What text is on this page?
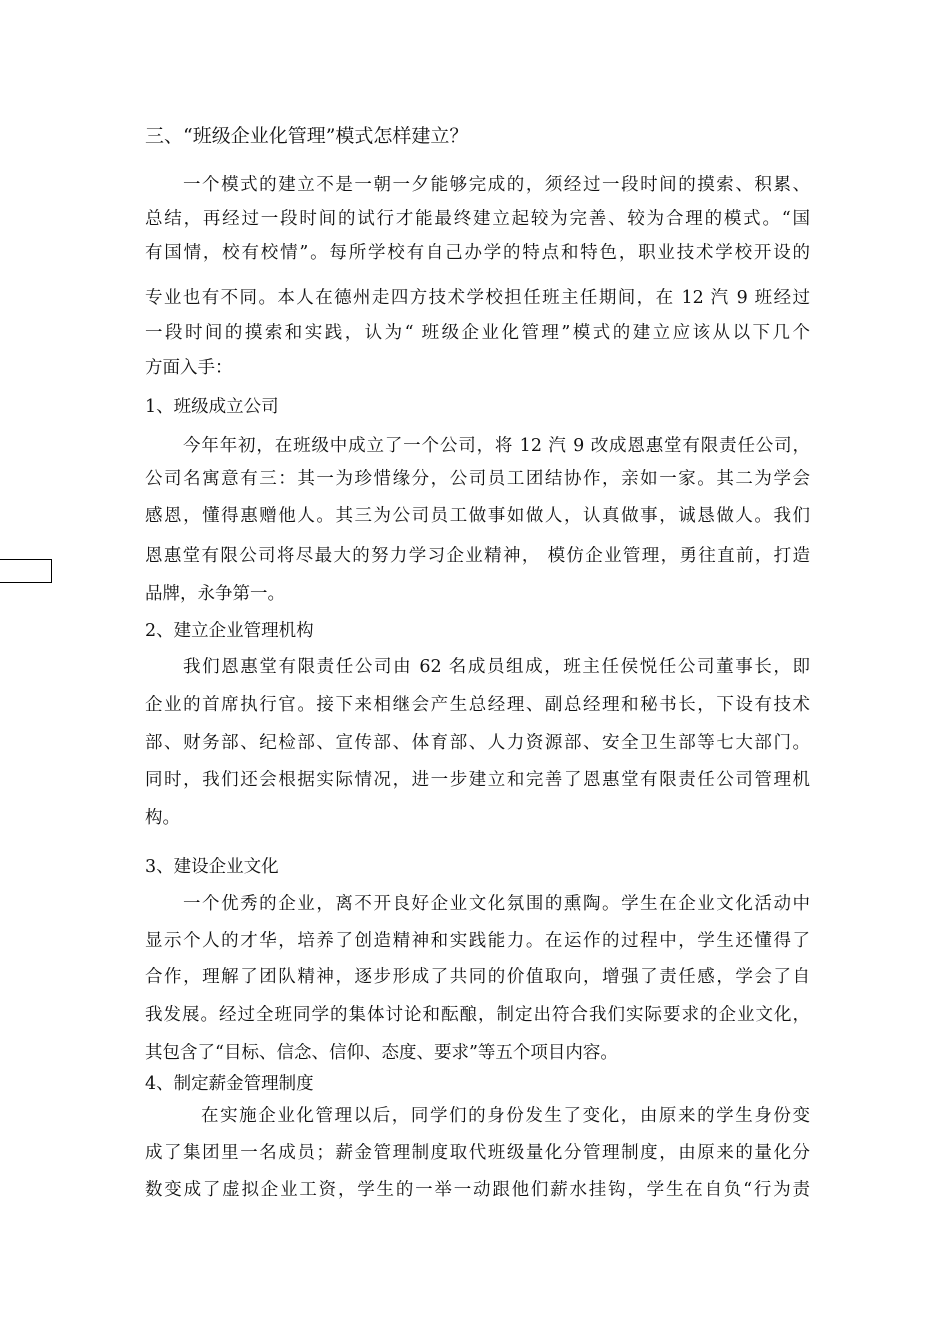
三、“班级企业化管理”模式怎样建立？
一个模式的建立不是一朝一夕能够完成的，须经过一段时间的摸索、积累、
总结，再经过一段时间的试行才能最终建立起较为完善、较为合理的模式。“国
有国情，校有校情”。每所学校有自己办学的特点和特色，职业技术学校开设的
专业也有不同。本人在德州走四方技术学校担任班主任期间，在 12 汽 9 班经过
一段时间的摸索和实践，认为“ 班级企业化管理”模式的建立应该从以下几个
方面入手：
1、班级成立公司
今年年初，在班级中成立了一个公司，将 12 汽 9 改成恩惠堂有限责任公司，
公司名寓意有三：其一为珍惜缘分，公司员工团结协作，亲如一家。其二为学会
感恩，懂得惠赠他人。其三为公司员工做事如做人，认真做事，诚恳做人。我们
恩惠堂有限公司将尽最大的努力学习企业精神， 模仿企业管理，勇往直前，打造
品牌，永争第一。
2、建立企业管理机构
我们恩惠堂有限责任公司由 62 名成员组成，班主任侯悦任公司董事长，即
企业的首席执行官。接下来相继会产生总经理、副总经理和秘书长，下设有技术
部、财务部、纪检部、宣传部、体育部、人力资源部、安全卫生部等七大部门。
同时，我们还会根据实际情况，进一步建立和完善了恩惠堂有限责任公司管理机
构。
3、建设企业文化
一个优秀的企业，离不开良好企业文化氛围的熏陶。学生在企业文化活动中
显示个人的才华，培养了创造精神和实践能力。在运作的过程中，学生还懂得了
合作，理解了团队精神，逐步形成了共同的价值取向，增强了责任感，学会了自
我发展。经过全班同学的集体讨论和酝酿，制定出符合我们实际要求的企业文化，
其包含了“目标、信念、信仰、态度、要求”等五个项目内容。
4、制定薪金管理制度
在实施企业化管理以后，同学们的身份发生了变化，由原来的学生身份变
成了集团里一名成员；薪金管理制度取代班级量化分管理制度，由原来的量化分
数变成了虚拟企业工资，学生的一举一动跟他们薪水挂钩，学生在自负“行为责
